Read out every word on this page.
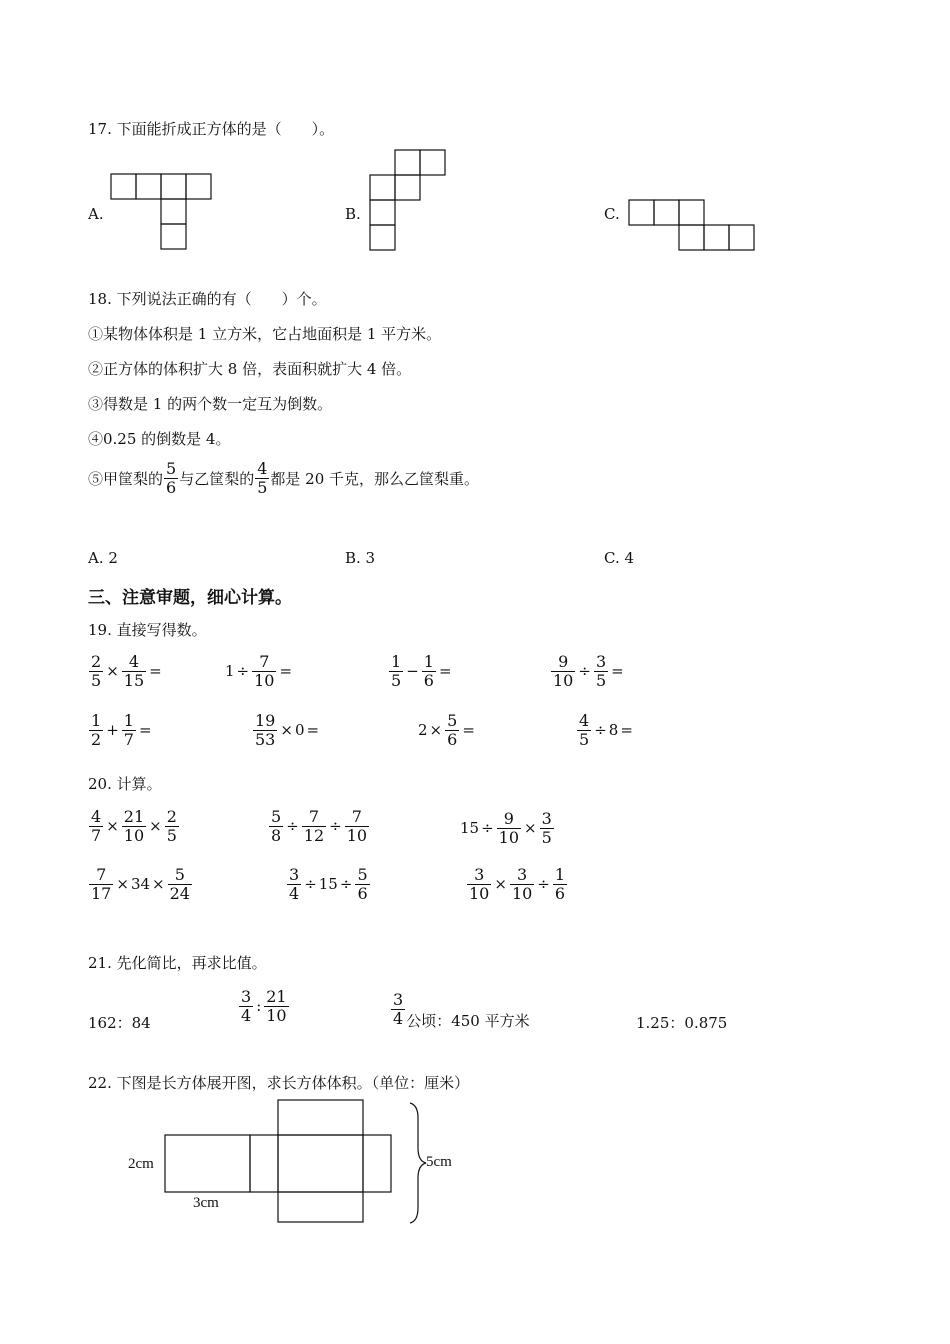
17. 下面能折成正方体的是（　　）。
A.	B.	C.
18. 下列说法正确的有（　　）个。
①某物体体积是 1 立方米，它占地面积是 1 平方米。
②正方体的体积扩大 8 倍，表面积就扩大 4 倍。
③得数是 1 的两个数一定互为倒数。
④0.25 的倒数是 4。
⑤甲筐梨的 $\frac{5}{6}$ 与乙筐梨的 $\frac{4}{5}$ 都是 20 千克，那么乙筐梨重。
A. 2	B. 3	C. 4
三、注意审题，细心计算。
19. 直接写得数。
$\frac{2}{5} \times \frac{4}{15}$ =	$1 \div \frac{7}{10}$ =	$\frac{1}{5} - \frac{1}{6}$ =	$\frac{9}{10} \div \frac{3}{5}$ =
$\frac{1}{2} + \frac{1}{7}$ =	$\frac{19}{53} \times 0$ =	$2 \times \frac{5}{6}$ =	$\frac{4}{5} \div 8$ =
20. 计算。
$\frac{4}{7} \times \frac{21}{10} \times \frac{2}{5}$	$\frac{5}{8} \div \frac{7}{12} \div \frac{7}{10}$	$15 \div \frac{9}{10} \times \frac{3}{5}$
$\frac{7}{17} \times 34 \times \frac{5}{24}$	$\frac{3}{4} \div 15 \div \frac{5}{6}$	$\frac{3}{10} \times \frac{3}{10} \div \frac{1}{6}$
21. 先化简比，再求比值。
162：84	$\frac{3}{4}$ : $\frac{21}{10}$	$\frac{3}{4}$ 公顷：450 平方米	1.25：0.875
22. 下图是长方体展开图，求长方体体积。（单位：厘米）
2cm
3cm
5cm
